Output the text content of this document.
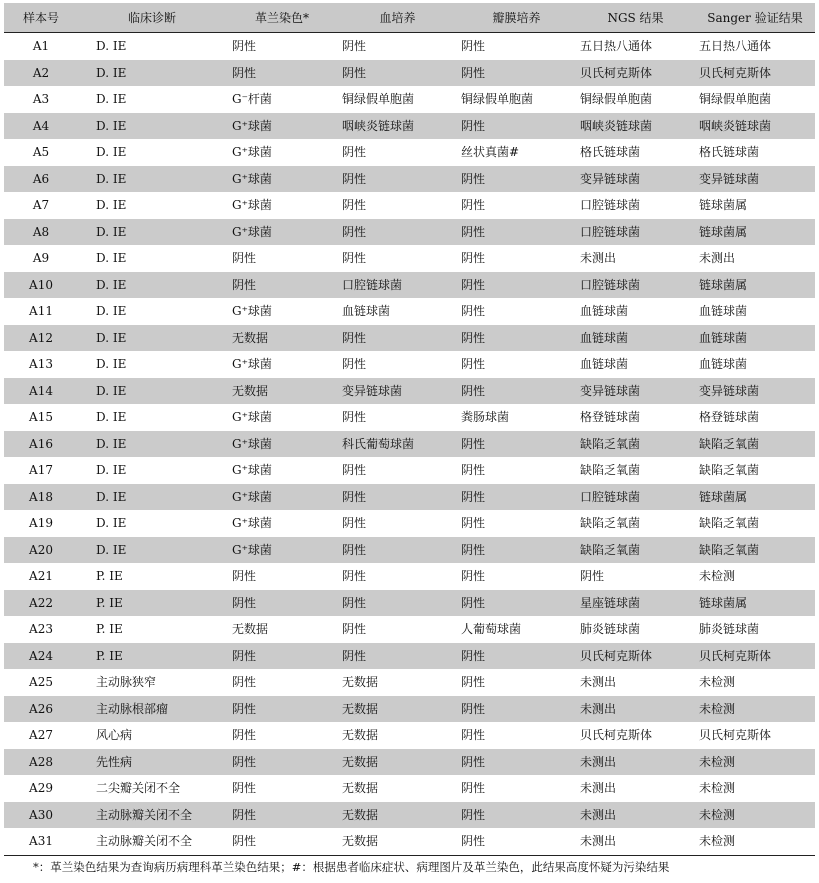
样本号	临床诊断	革兰染色*	血培养	瓣膜培养	NGS 结果	Sanger 验证结果
A1	D. IE	阴性	阴性	阴性	五日热八通体	五日热八通体
A2	D. IE	阴性	阴性	阴性	贝氏柯克斯体	贝氏柯克斯体
A3	D. IE	G⁻杆菌	铜绿假单胞菌	铜绿假单胞菌	铜绿假单胞菌	铜绿假单胞菌
A4	D. IE	G⁺球菌	咽峡炎链球菌	阴性	咽峡炎链球菌	咽峡炎链球菌
A5	D. IE	G⁺球菌	阴性	丝状真菌#	格氏链球菌	格氏链球菌
A6	D. IE	G⁺球菌	阴性	阴性	变异链球菌	变异链球菌
A7	D. IE	G⁺球菌	阴性	阴性	口腔链球菌	链球菌属
A8	D. IE	G⁺球菌	阴性	阴性	口腔链球菌	链球菌属
A9	D. IE	阴性	阴性	阴性	未测出	未测出
A10	D. IE	阴性	口腔链球菌	阴性	口腔链球菌	链球菌属
A11	D. IE	G⁺球菌	血链球菌	阴性	血链球菌	血链球菌
A12	D. IE	无数据	阴性	阴性	血链球菌	血链球菌
A13	D. IE	G⁺球菌	阴性	阴性	血链球菌	血链球菌
A14	D. IE	无数据	变异链球菌	阴性	变异链球菌	变异链球菌
A15	D. IE	G⁺球菌	阴性	粪肠球菌	格登链球菌	格登链球菌
A16	D. IE	G⁺球菌	科氏葡萄球菌	阴性	缺陷乏氧菌	缺陷乏氧菌
A17	D. IE	G⁺球菌	阴性	阴性	缺陷乏氧菌	缺陷乏氧菌
A18	D. IE	G⁺球菌	阴性	阴性	口腔链球菌	链球菌属
A19	D. IE	G⁺球菌	阴性	阴性	缺陷乏氧菌	缺陷乏氧菌
A20	D. IE	G⁺球菌	阴性	阴性	缺陷乏氧菌	缺陷乏氧菌
A21	P. IE	阴性	阴性	阴性	阴性	未检测
A22	P. IE	阴性	阴性	阴性	星座链球菌	链球菌属
A23	P. IE	无数据	阴性	人葡萄球菌	肺炎链球菌	肺炎链球菌
A24	P. IE	阴性	阴性	阴性	贝氏柯克斯体	贝氏柯克斯体
A25	主动脉狭窄	阴性	无数据	阴性	未测出	未检测
A26	主动脉根部瘤	阴性	无数据	阴性	未测出	未检测
A27	风心病	阴性	无数据	阴性	贝氏柯克斯体	贝氏柯克斯体
A28	先性病	阴性	无数据	阴性	未测出	未检测
A29	二尖瓣关闭不全	阴性	无数据	阴性	未测出	未检测
A30	主动脉瓣关闭不全	阴性	无数据	阴性	未测出	未检测
A31	主动脉瓣关闭不全	阴性	无数据	阴性	未测出	未检测
*：革兰染色结果为查询病历病理科革兰染色结果；#：根据患者临床症状、病理图片及革兰染色，此结果高度怀疑为污染结果
